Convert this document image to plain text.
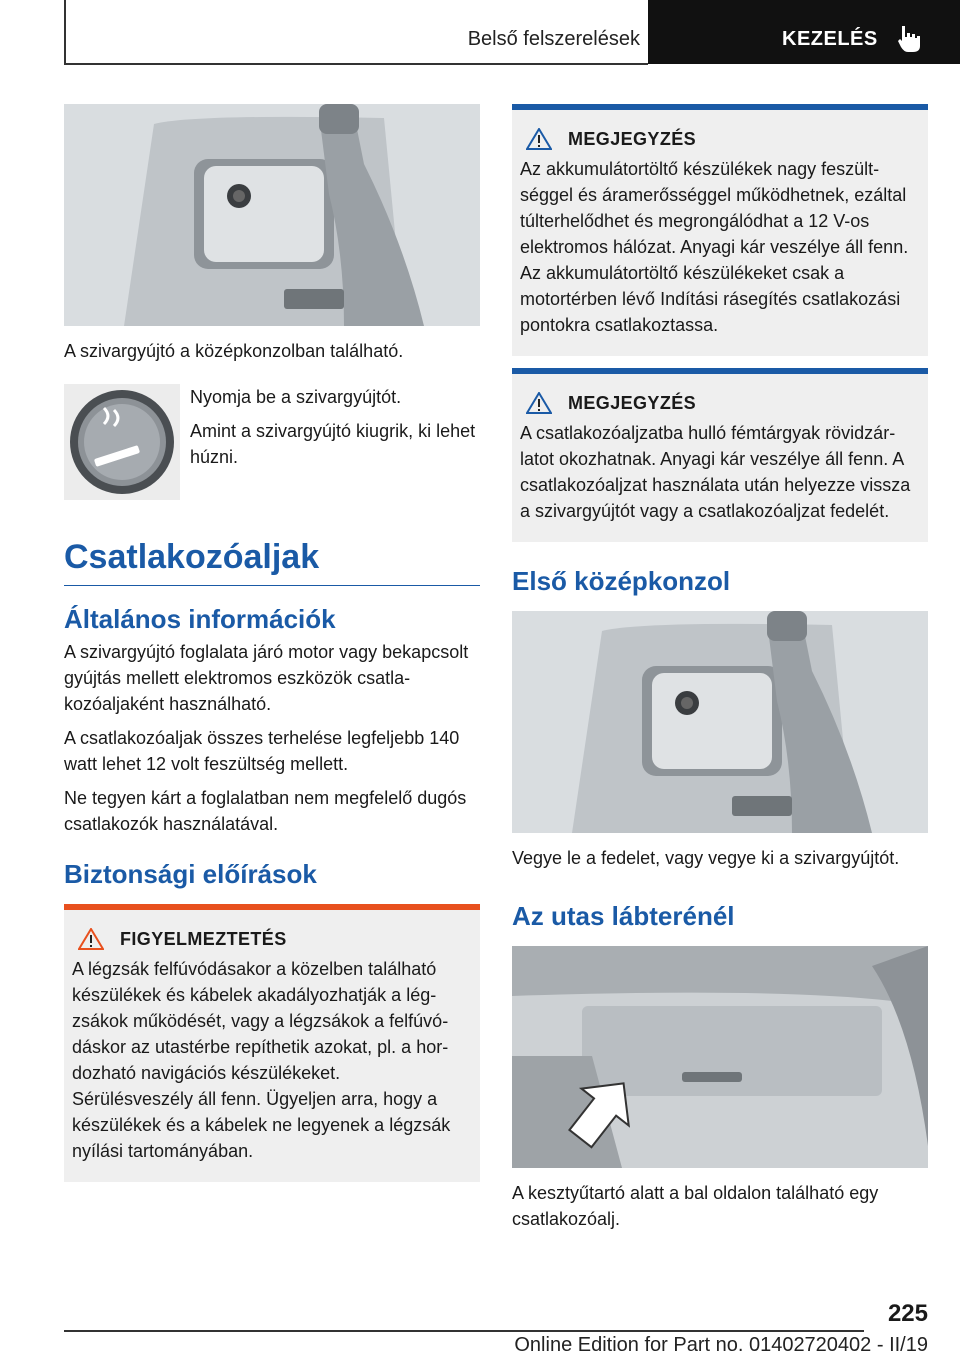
Belső felszerelések	KEZELÉS
A szivargyújtó a középkonzolban található.

Nyomja be a szivargyújtót.

Amint a szivargyújtó kiugrik, ki lehet húzni.

Csatlakozóaljak
Általános információk

A szivargyújtó foglalata járó motor vagy bekapcsolt gyújtás mellett elektromos eszközök csatlakozóaljaként használható.

A csatlakozóaljak összes terhelése legfeljebb 140 watt lehet 12 volt feszültség mellett.

Ne tegyen kárt a foglalatban nem megfelelő dugós csatlakozók használatával.

Biztonsági előírások
FIGYELMEZTETÉS

A légzsák felfúvódásakor a közelben található készülékek és kábelek akadályozhatják a légzsákok működését, vagy a légzsákok a felfúvódáskor az utastérbe repíthetik azokat, pl. a hordozható navigációs készülékeket.

Sérülésveszély áll fenn. Ügyeljen arra, hogy a készülékek és a kábelek ne legyenek a légzsák nyílási tartományában.

MEGJEGYZÉS

Az akkumulátortöltő készülékek nagy feszültséggel és áramerősséggel működhetnek, ezáltal túlterhelődhet és megrongálódhat a 12 V-os elektromos hálózat. Anyagi kár veszélye áll fenn. Az akkumulátortöltő készülékeket csak a motortérben lévő Indítási rásegítés csatlakozási pontokra csatlakoztassa.

MEGJEGYZÉS

A csatlakozóaljzatba hulló fémtárgyak rövidzárlatot okozhatnak. Anyagi kár veszélye áll fenn. A csatlakozóaljzat használata után helyezze vissza a szivargyújtót vagy a csatlakozóaljzat fedelét.

Első középkonzol
Vegye le a fedelet, vagy vegye ki a szivargyújtót.
Az utas lábterénél
A kesztyűtartó alatt a bal oldalon található egy csatlakozóalj.
225
Online Edition for Part no. 01402720402 - II/19
